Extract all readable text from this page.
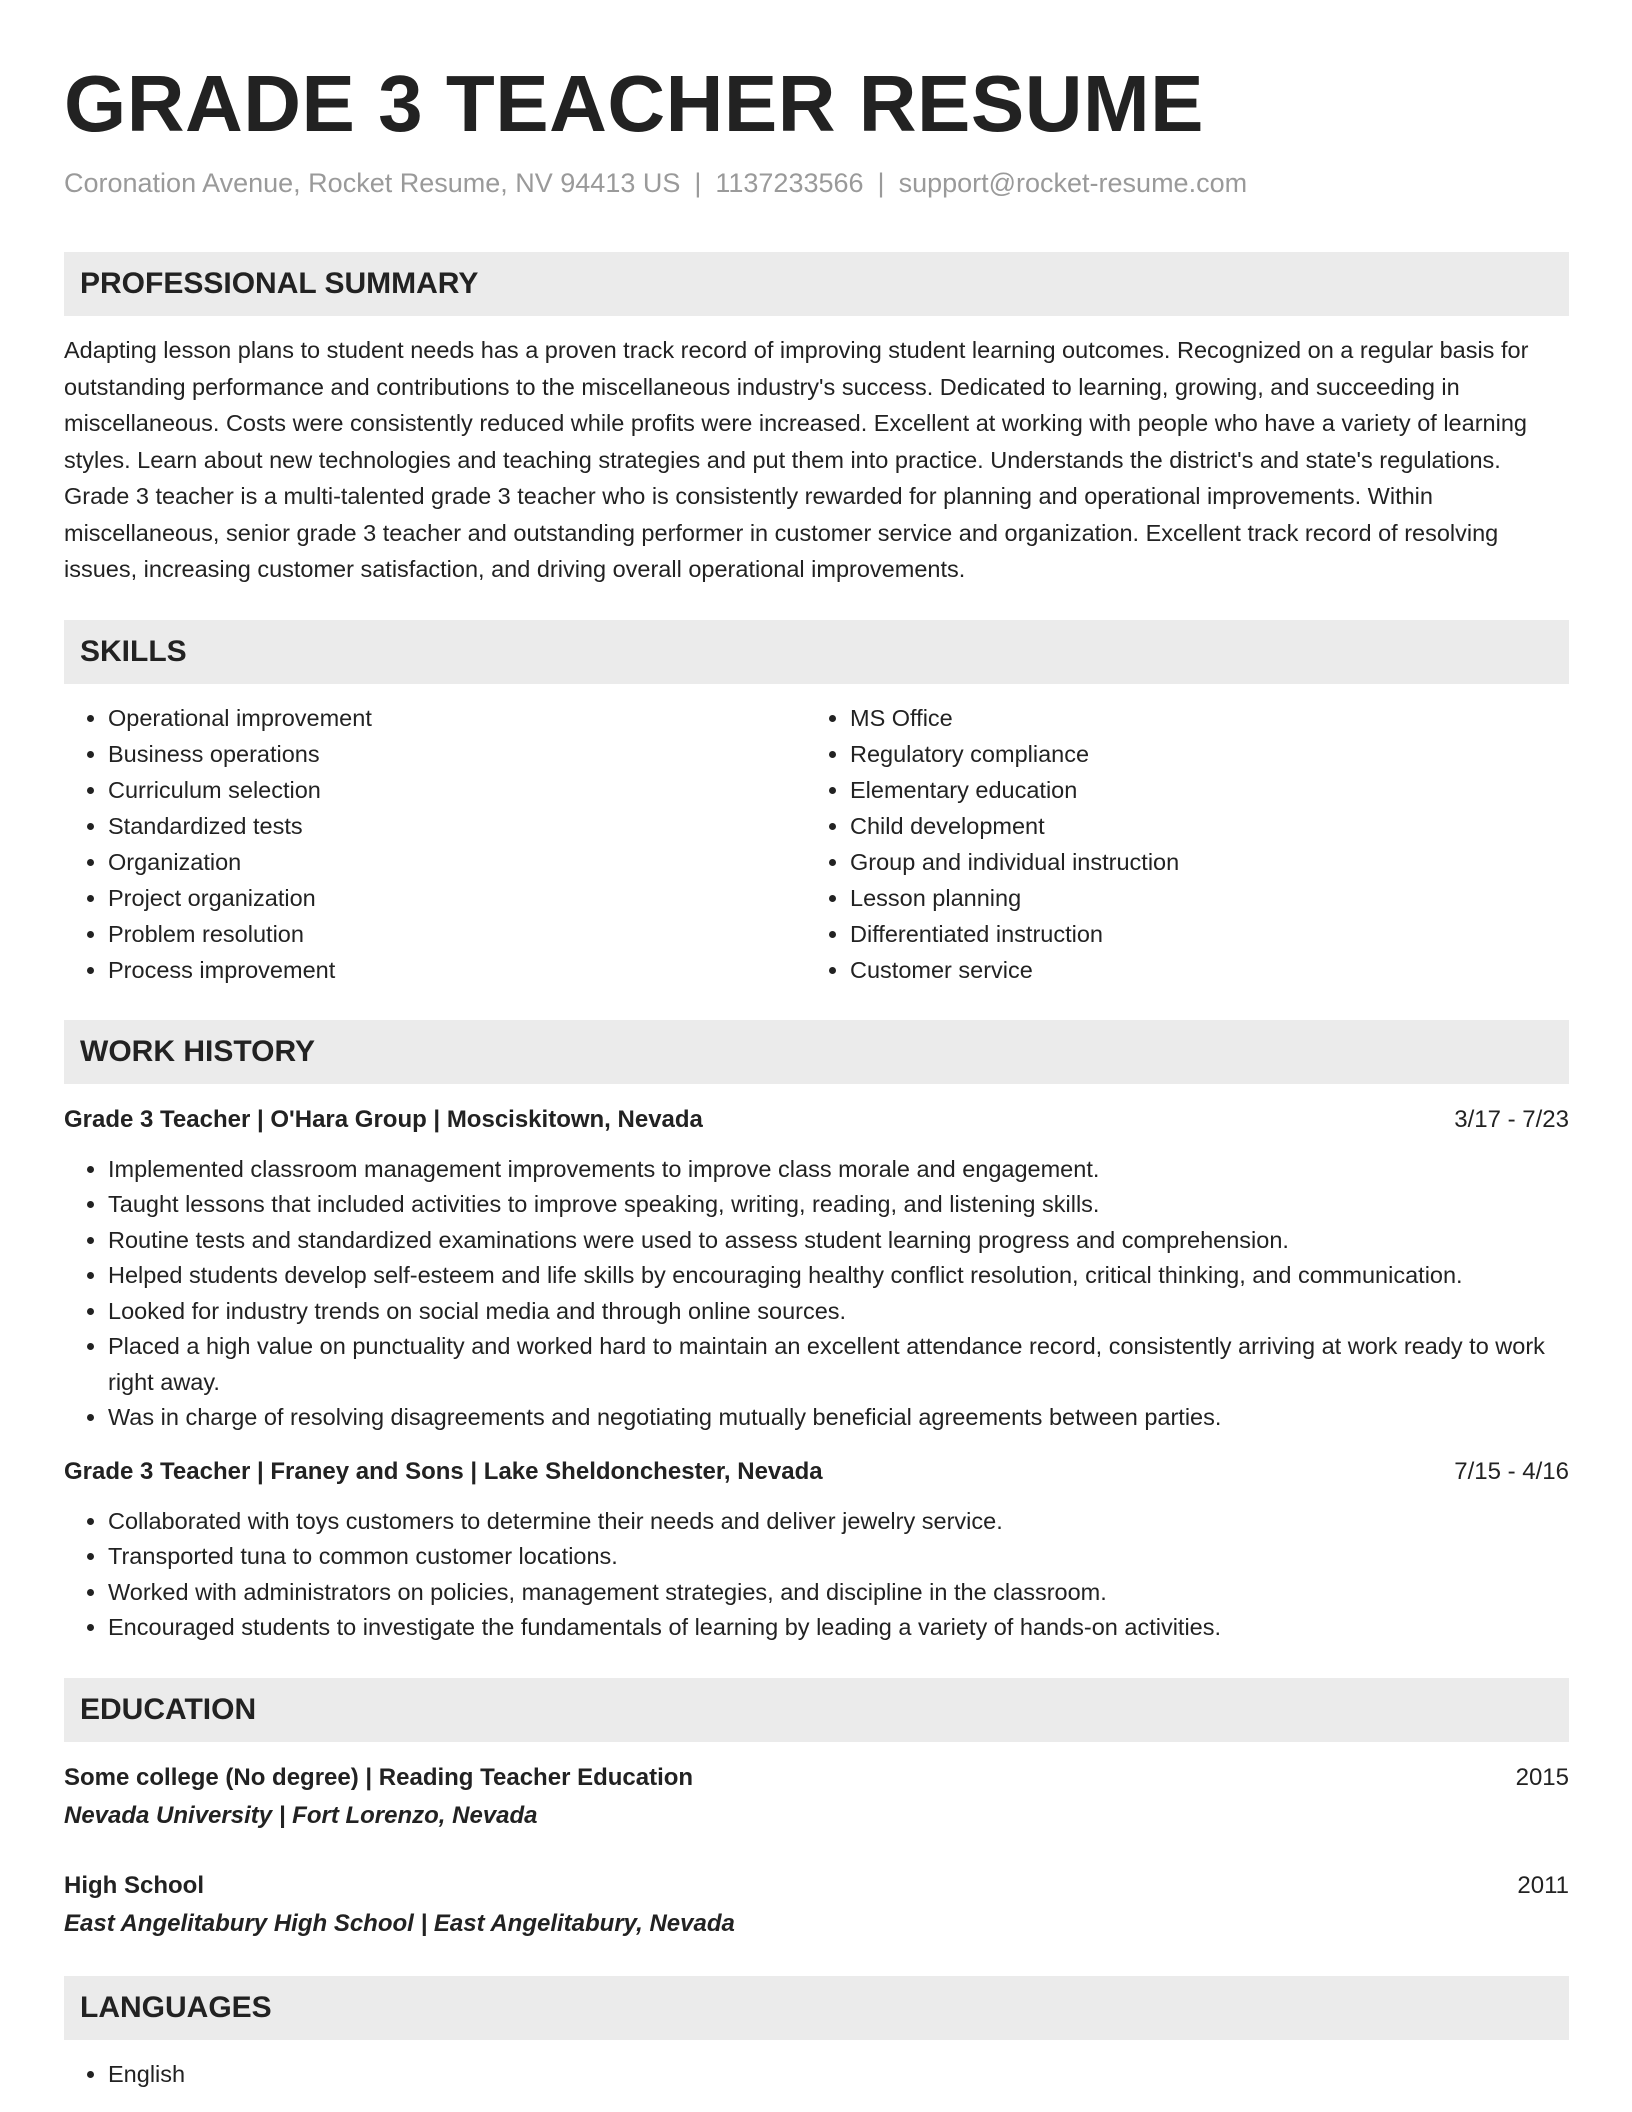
GRADE 3 TEACHER RESUME
Coronation Avenue, Rocket Resume, NV 94413 US | 1137233566 | support@rocket-resume.com
PROFESSIONAL SUMMARY
Adapting lesson plans to student needs has a proven track record of improving student learning outcomes. Recognized on a regular basis for outstanding performance and contributions to the miscellaneous industry's success. Dedicated to learning, growing, and succeeding in miscellaneous. Costs were consistently reduced while profits were increased. Excellent at working with people who have a variety of learning styles. Learn about new technologies and teaching strategies and put them into practice. Understands the district's and state's regulations. Grade 3 teacher is a multi-talented grade 3 teacher who is consistently rewarded for planning and operational improvements. Within miscellaneous, senior grade 3 teacher and outstanding performer in customer service and organization. Excellent track record of resolving issues, increasing customer satisfaction, and driving overall operational improvements.
SKILLS
• Operational improvement
• Business operations
• Curriculum selection
• Standardized tests
• Organization
• Project organization
• Problem resolution
• Process improvement
• MS Office
• Regulatory compliance
• Elementary education
• Child development
• Group and individual instruction
• Lesson planning
• Differentiated instruction
• Customer service
WORK HISTORY
Grade 3 Teacher | O'Hara Group | Mosciskitown, Nevada	3/17 - 7/23
• Implemented classroom management improvements to improve class morale and engagement.
• Taught lessons that included activities to improve speaking, writing, reading, and listening skills.
• Routine tests and standardized examinations were used to assess student learning progress and comprehension.
• Helped students develop self-esteem and life skills by encouraging healthy conflict resolution, critical thinking, and communication.
• Looked for industry trends on social media and through online sources.
• Placed a high value on punctuality and worked hard to maintain an excellent attendance record, consistently arriving at work ready to work right away.
• Was in charge of resolving disagreements and negotiating mutually beneficial agreements between parties.
Grade 3 Teacher | Franey and Sons | Lake Sheldonchester, Nevada	7/15 - 4/16
• Collaborated with toys customers to determine their needs and deliver jewelry service.
• Transported tuna to common customer locations.
• Worked with administrators on policies, management strategies, and discipline in the classroom.
• Encouraged students to investigate the fundamentals of learning by leading a variety of hands-on activities.
EDUCATION
Some college (No degree) | Reading Teacher Education	2015
Nevada University | Fort Lorenzo, Nevada
High School	2011
East Angelitabury High School | East Angelitabury, Nevada
LANGUAGES
• English
